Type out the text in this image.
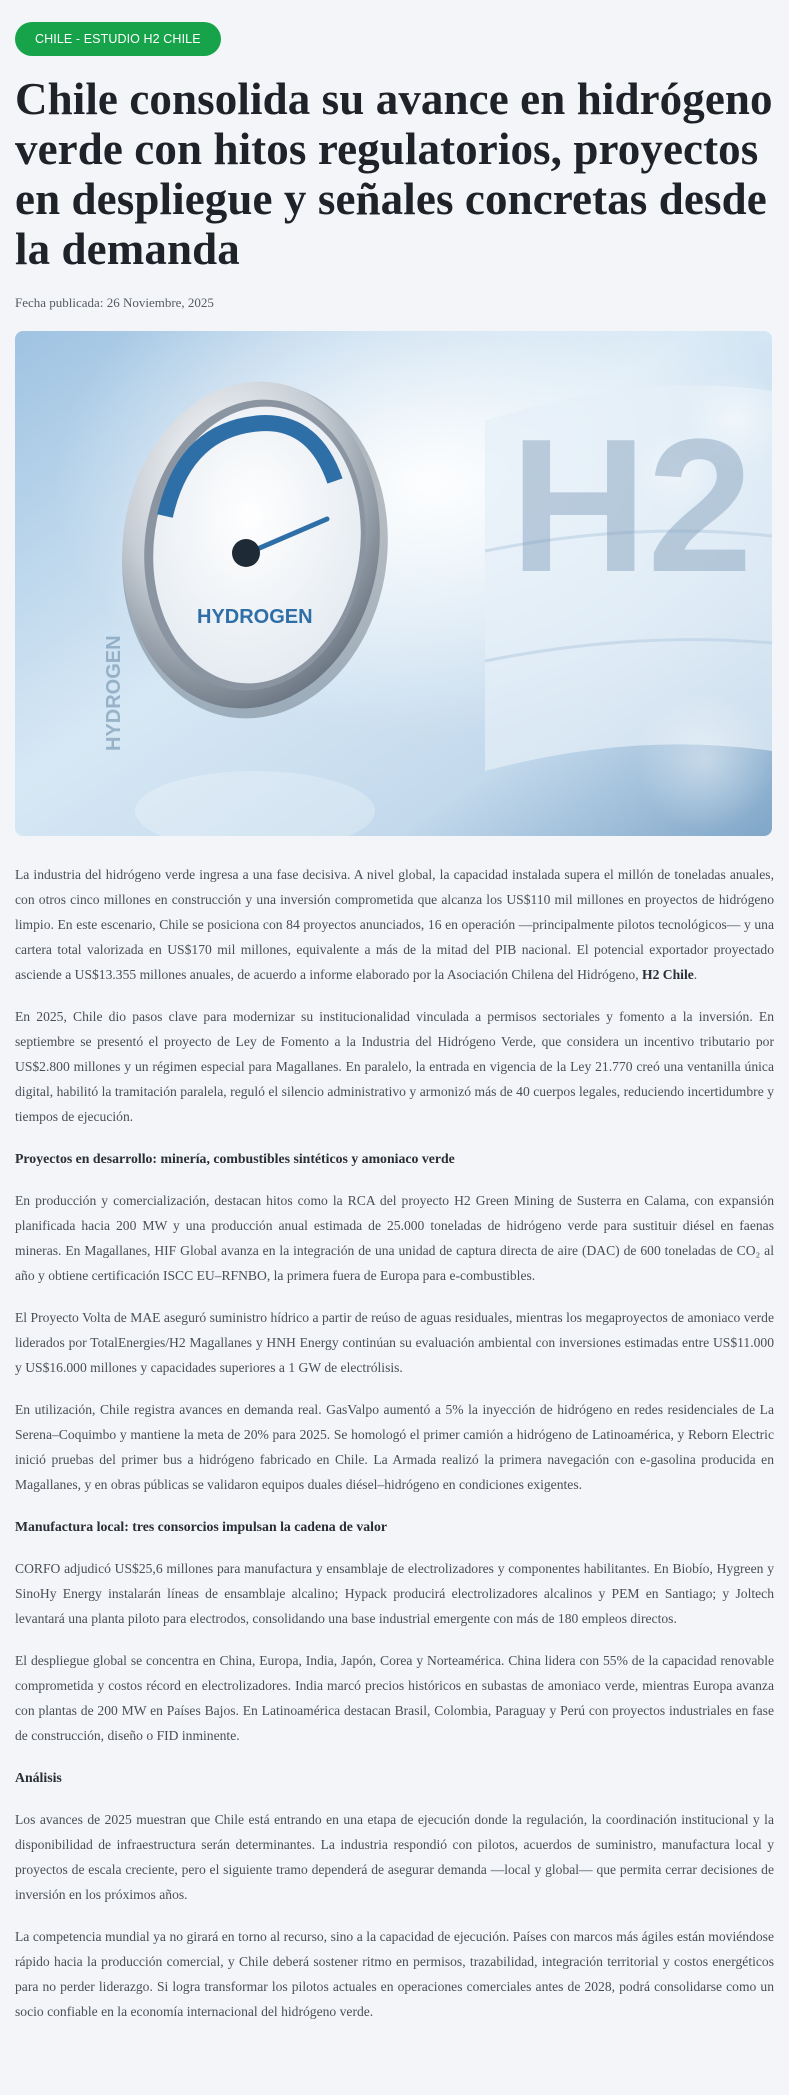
CHILE - ESTUDIO H2 CHILE
Chile consolida su avance en hidrógeno verde con hitos regulatorios, proyectos en despliegue y señales concretas desde la demanda
Fecha publicada: 26 Noviembre, 2025
H2
HYDROGEN
HYDROGEN

La industria del hidrógeno verde ingresa a una fase decisiva. A nivel global, la capacidad instalada supera el millón de toneladas anuales, con otros cinco millones en construcción y una inversión comprometida que alcanza los US$110 mil millones en proyectos de hidrógeno limpio. En este escenario, Chile se posiciona con 84 proyectos anunciados, 16 en operación —principalmente pilotos tecnológicos— y una cartera total valorizada en US$170 mil millones, equivalente a más de la mitad del PIB nacional. El potencial exportador proyectado asciende a US$13.355 millones anuales, de acuerdo a informe elaborado por la Asociación Chilena del Hidrógeno, H2 Chile.

En 2025, Chile dio pasos clave para modernizar su institucionalidad vinculada a permisos sectoriales y fomento a la inversión. En septiembre se presentó el proyecto de Ley de Fomento a la Industria del Hidrógeno Verde, que considera un incentivo tributario por US$2.800 millones y un régimen especial para Magallanes. En paralelo, la entrada en vigencia de la Ley 21.770 creó una ventanilla única digital, habilitó la tramitación paralela, reguló el silencio administrativo y armonizó más de 40 cuerpos legales, reduciendo incertidumbre y tiempos de ejecución.

Proyectos en desarrollo: minería, combustibles sintéticos y amoniaco verde

En producción y comercialización, destacan hitos como la RCA del proyecto H2 Green Mining de Susterra en Calama, con expansión planificada hacia 200 MW y una producción anual estimada de 25.000 toneladas de hidrógeno verde para sustituir diésel en faenas mineras. En Magallanes, HIF Global avanza en la integración de una unidad de captura directa de aire (DAC) de 600 toneladas de CO₂ al año y obtiene certificación ISCC EU–RFNBO, la primera fuera de Europa para e-combustibles.

El Proyecto Volta de MAE aseguró suministro hídrico a partir de reúso de aguas residuales, mientras los megaproyectos de amoniaco verde liderados por TotalEnergies/H2 Magallanes y HNH Energy continúan su evaluación ambiental con inversiones estimadas entre US$11.000 y US$16.000 millones y capacidades superiores a 1 GW de electrólisis.

En utilización, Chile registra avances en demanda real. GasValpo aumentó a 5% la inyección de hidrógeno en redes residenciales de La Serena–Coquimbo y mantiene la meta de 20% para 2025. Se homologó el primer camión a hidrógeno de Latinoamérica, y Reborn Electric inició pruebas del primer bus a hidrógeno fabricado en Chile. La Armada realizó la primera navegación con e-gasolina producida en Magallanes, y en obras públicas se validaron equipos duales diésel–hidrógeno en condiciones exigentes.

Manufactura local: tres consorcios impulsan la cadena de valor

CORFO adjudicó US$25,6 millones para manufactura y ensamblaje de electrolizadores y componentes habilitantes. En Biobío, Hygreen y SinoHy Energy instalarán líneas de ensamblaje alcalino; Hypack producirá electrolizadores alcalinos y PEM en Santiago; y Joltech levantará una planta piloto para electrodos, consolidando una base industrial emergente con más de 180 empleos directos.

El despliegue global se concentra en China, Europa, India, Japón, Corea y Norteamérica. China lidera con 55% de la capacidad renovable comprometida y costos récord en electrolizadores. India marcó precios históricos en subastas de amoniaco verde, mientras Europa avanza con plantas de 200 MW en Países Bajos. En Latinoamérica destacan Brasil, Colombia, Paraguay y Perú con proyectos industriales en fase de construcción, diseño o FID inminente.

Análisis

Los avances de 2025 muestran que Chile está entrando en una etapa de ejecución donde la regulación, la coordinación institucional y la disponibilidad de infraestructura serán determinantes. La industria respondió con pilotos, acuerdos de suministro, manufactura local y proyectos de escala creciente, pero el siguiente tramo dependerá de asegurar demanda —local y global— que permita cerrar decisiones de inversión en los próximos años.

La competencia mundial ya no girará en torno al recurso, sino a la capacidad de ejecución. Países con marcos más ágiles están moviéndose rápido hacia la producción comercial, y Chile deberá sostener ritmo en permisos, trazabilidad, integración territorial y costos energéticos para no perder liderazgo. Si logra transformar los pilotos actuales en operaciones comerciales antes de 2028, podrá consolidarse como un socio confiable en la economía internacional del hidrógeno verde.
